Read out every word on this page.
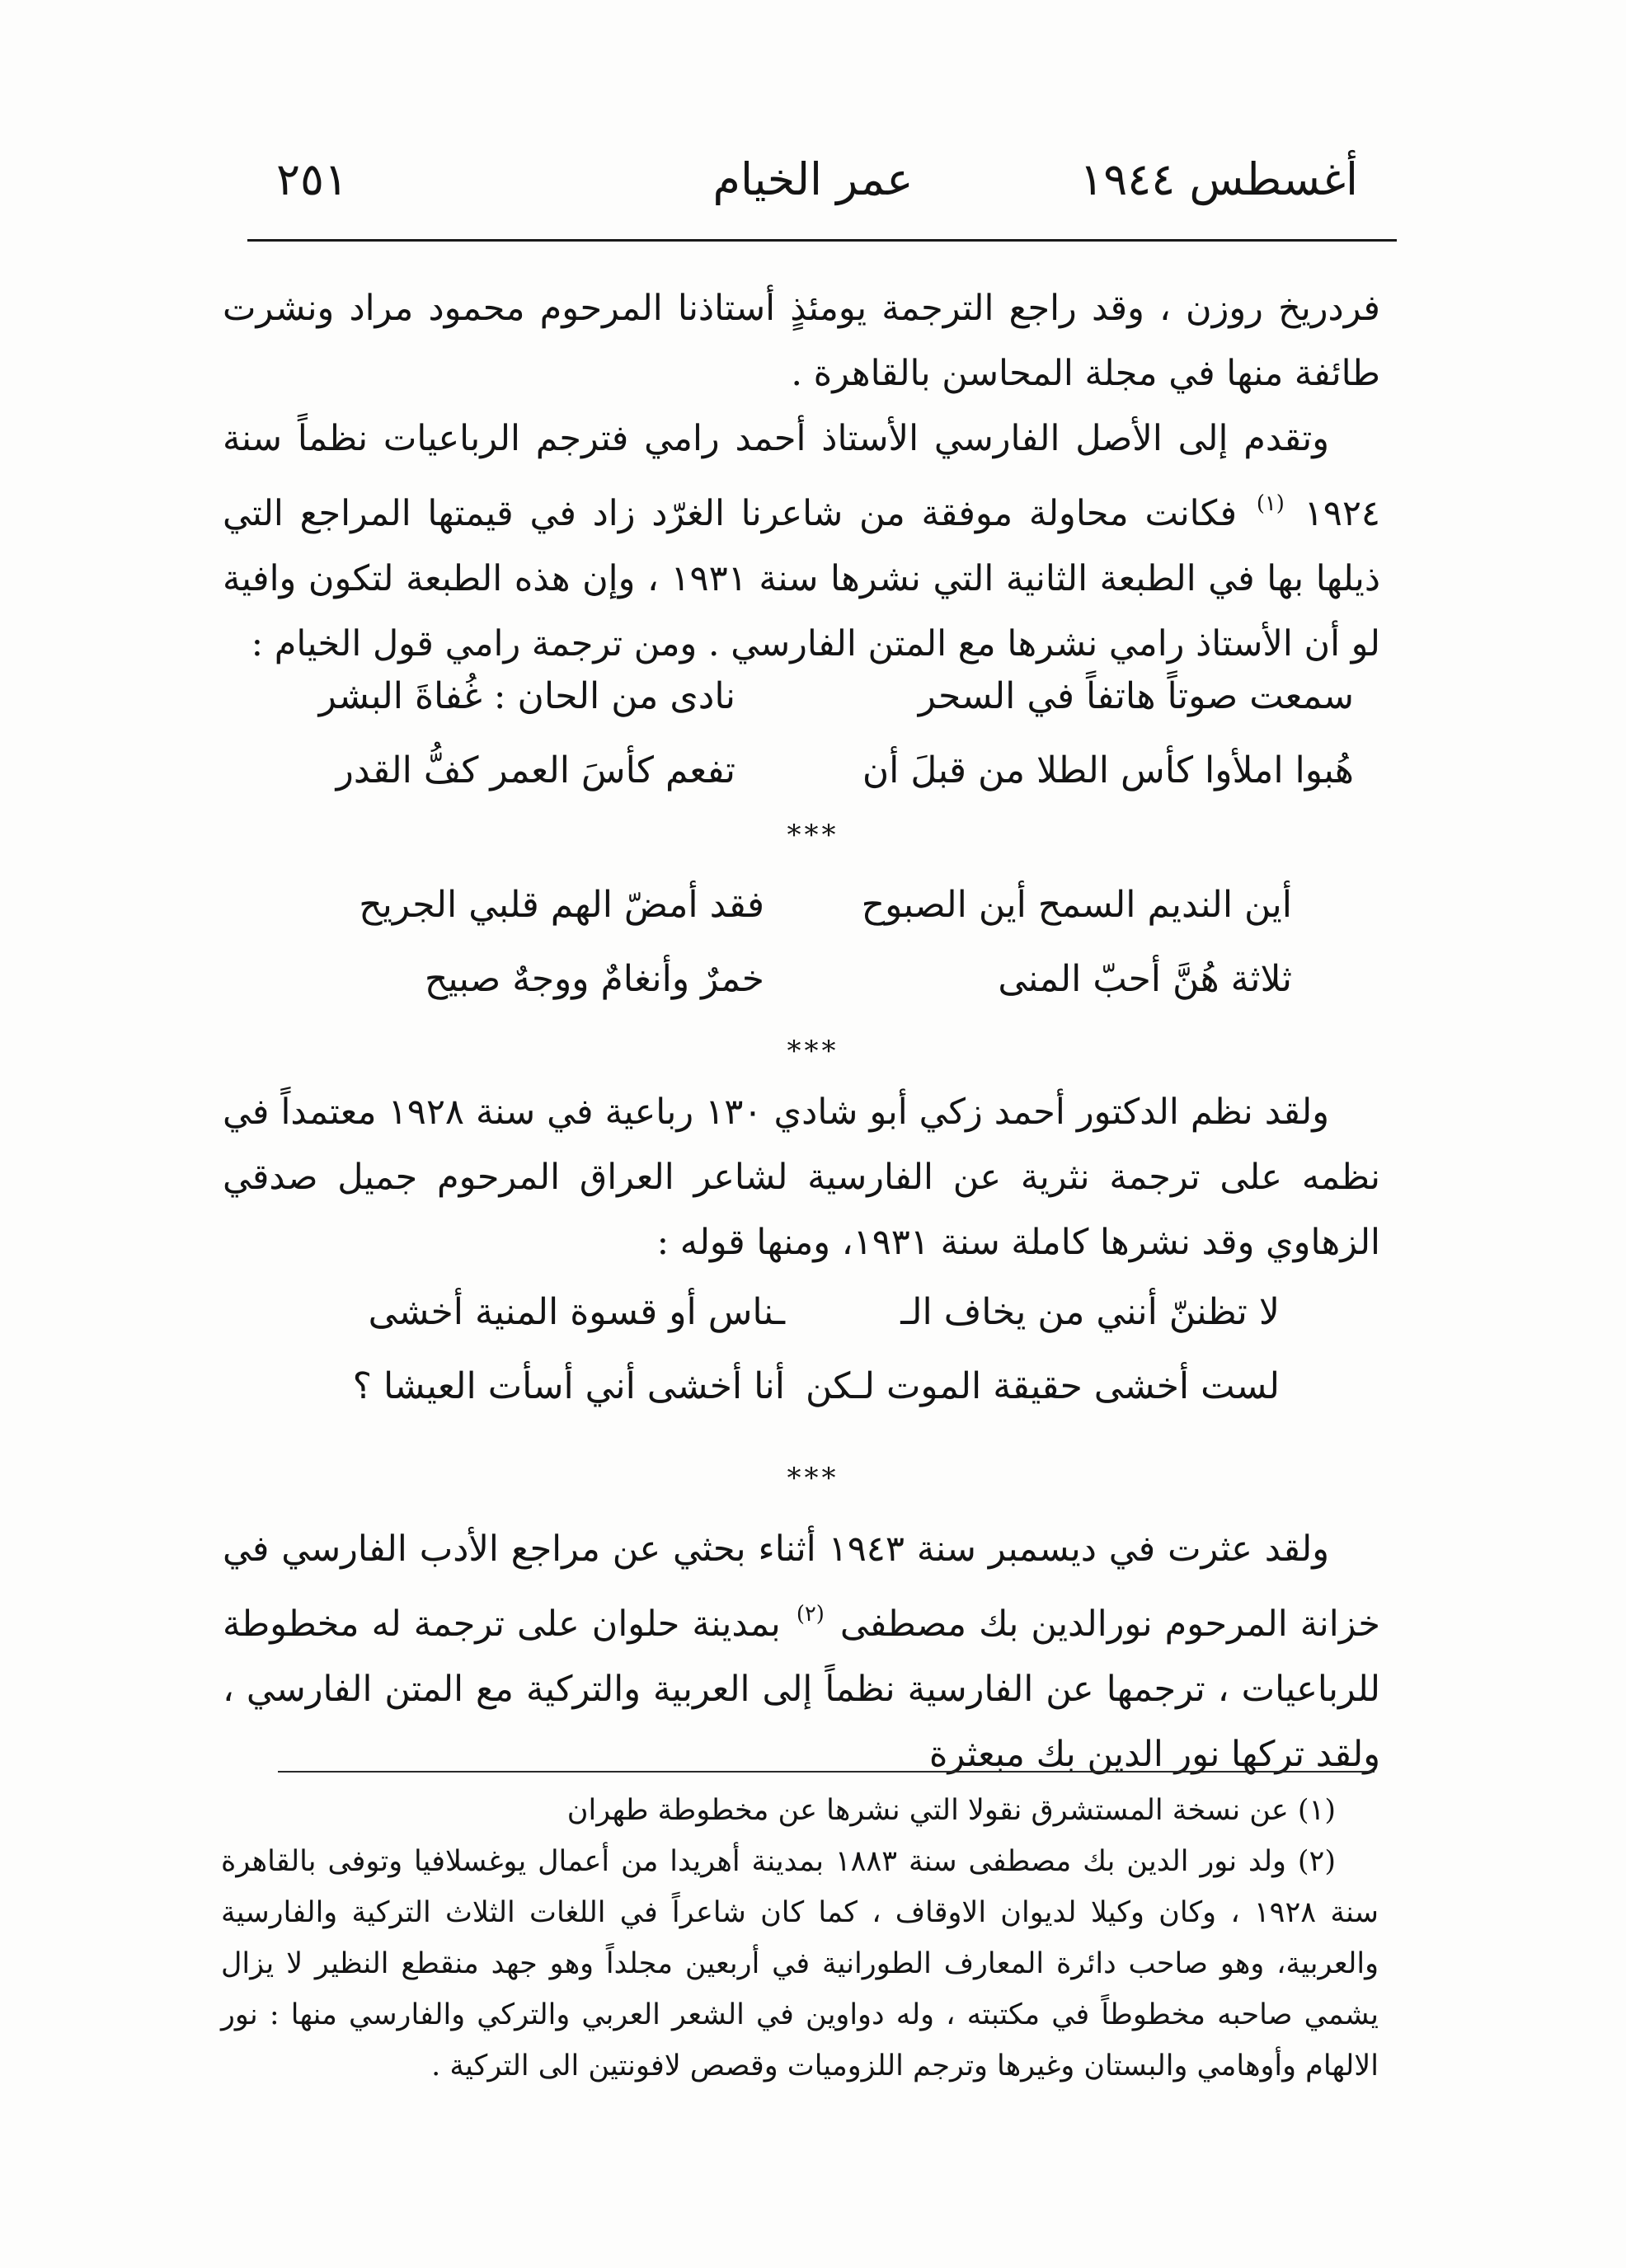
أغسطس ١٩٤٤
عمر الخيام
٢٥١
فردريخ روزن ، وقد راجع الترجمة يومئذٍ أستاذنا المرحوم محمود مراد ونشرت طائفة منها في مجلة المحاسن بالقاهرة .
وتقدم إلى الأصل الفارسي الأستاذ أحمد رامي فترجم الرباعيات نظماً سنة ١٩٢٤ $^{(١)}$ فكانت محاولة موفقة من شاعرنا الغرّد زاد في قيمتها المراجع التي ذيلها بها في الطبعة الثانية التي نشرها سنة ١٩٣١ ، وإن هذه الطبعة لتكون وافية لو أن الأستاذ رامي نشرها مع المتن الفارسي . ومن ترجمة رامي قول الخيام :
سمعت صوتاً هاتفاً في السحرنادى من الحان : غُفاةَ البشر
هُبوا املأوا كأس الطلا من قبلَ أنتفعم كأسَ العمر كفُّ القدر
***
أين النديم السمح أين الصبوحفقد أمضّ الهم قلبي الجريح
ثلاثة هُنَّ أحبّ المنىخمرٌ وأنغامٌ ووجهٌ صبيح
***
ولقد نظم الدكتور أحمد زكي أبو شادي ١٣٠ رباعية في سنة ١٩٢٨ معتمداً في نظمه على ترجمة نثرية عن الفارسية لشاعر العراق المرحوم جميل صدقي الزهاوي وقد نشرها كاملة سنة ١٩٣١، ومنها قوله :
لا تظننّ أنني من يخاف الــناس أو قسوة المنية أخشى
لست أخشى حقيقة الموت لـكنأنا أخشى أني أسأت العيشا ؟
***
ولقد عثرت في ديسمبر سنة ١٩٤٣ أثناء بحثي عن مراجع الأدب الفارسي في خزانة المرحوم نورالدين بك مصطفى $^{(٢)}$ بمدينة حلوان على ترجمة له مخطوطة للرباعيات ، ترجمها عن الفارسية نظماً إلى العربية والتركية مع المتن الفارسي ، ولقد تركها نور الدين بك مبعثرة
(١) عن نسخة المستشرق نقولا التي نشرها عن مخطوطة طهران
(٢) ولد نور الدين بك مصطفى سنة ١٨٨٣ بمدينة أهريدا من أعمال يوغسلافيا وتوفى بالقاهرة سنة ١٩٢٨ ، وكان وكيلا لديوان الاوقاف ، كما كان شاعراً في اللغات الثلاث التركية والفارسية والعربية، وهو صاحب دائرة المعارف الطورانية في أربعين مجلداً وهو جهد منقطع النظير لا يزال يشمي صاحبه مخطوطاً في مكتبته ، وله دواوين في الشعر العربي والتركي والفارسي منها : نور الالهام وأوهامي والبستان وغيرها وترجم اللزوميات وقصص لافونتين الى التركية .
